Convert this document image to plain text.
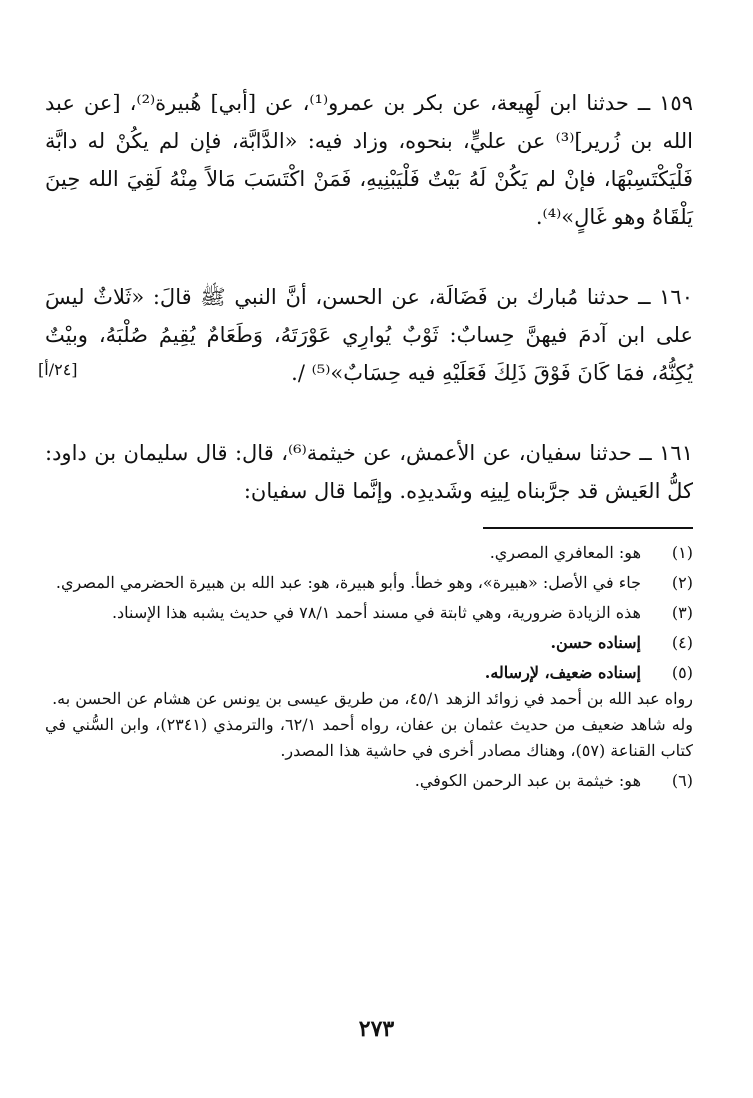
١٥٩ ــ حدثنا ابن لَهِيعة، عن بكر بن عمرو⁽¹⁾، عن [أبي] هُبيرة⁽²⁾، [عن عبد الله بن زُرير]⁽³⁾ عن عليٍّ، بنحوه، وزاد فيه: «الدَّابَّة، فإن لم يكُنْ له دابَّة فَلْيَكْتَسِبْهَا، فإنْ لم يَكُنْ لَهُ بَيْتٌ فَلْيَبْنِيهِ، فَمَنْ اكْتَسَبَ مَالاً مِنْهُ لَقِيَ الله حِينَ يَلْقَاهُ وهو غَالٍ»⁽⁴⁾.

١٦٠ ــ حدثنا مُبارك بن فَضَالَة، عن الحسن، أنَّ النبي ﷺ قالَ: «ثَلاثٌ ليسَ على ابن آدمَ فيهنَّ حِسابٌ: ثَوْبٌ يُوارِي عَوْرَتَهُ، وَطَعَامٌ يُقِيمُ صُلْبَهُ، وبيْتٌ يُكِنُّهُ، فمَا كَانَ فَوْقَ ذَلِكَ فَعَلَيْهِ فيه حِسَابٌ»⁽⁵⁾ /.

[٢٤/أ]

١٦١ ــ حدثنا سفيان، عن الأعمش، عن خيثمة⁽⁶⁾، قال: قال سليمان بن داود: كلُّ العَيش قد جرَّبناه لِينِه وشَديدِه. وإنَّما قال سفيان:

(١)
هو: المعافري المصري.
(٢)
جاء في الأصل: «هبيرة»، وهو خطأ. وأبو هبيرة، هو: عبد الله بن هبيرة الحضرمي المصري.
(٣)
هذه الزيادة ضرورية، وهي ثابتة في مسند أحمد ٧٨/١ في حديث يشبه هذا الإسناد.
(٤)
إسناده حسن.
(٥)
إسناده ضعيف، لإرساله.
رواه عبد الله بن أحمد في زوائد الزهد ٤٥/١، من طريق عيسى بن يونس عن هشام عن الحسن به.
وله شاهد ضعيف من حديث عثمان بن عفان، رواه أحمد ٦٢/١، والترمذي (٢٣٤١)، وابن السُّني في كتاب القناعة (٥٧)، وهناك مصادر أخرى في حاشية هذا المصدر.
(٦)
هو: خيثمة بن عبد الرحمن الكوفي.
٢٧٣
